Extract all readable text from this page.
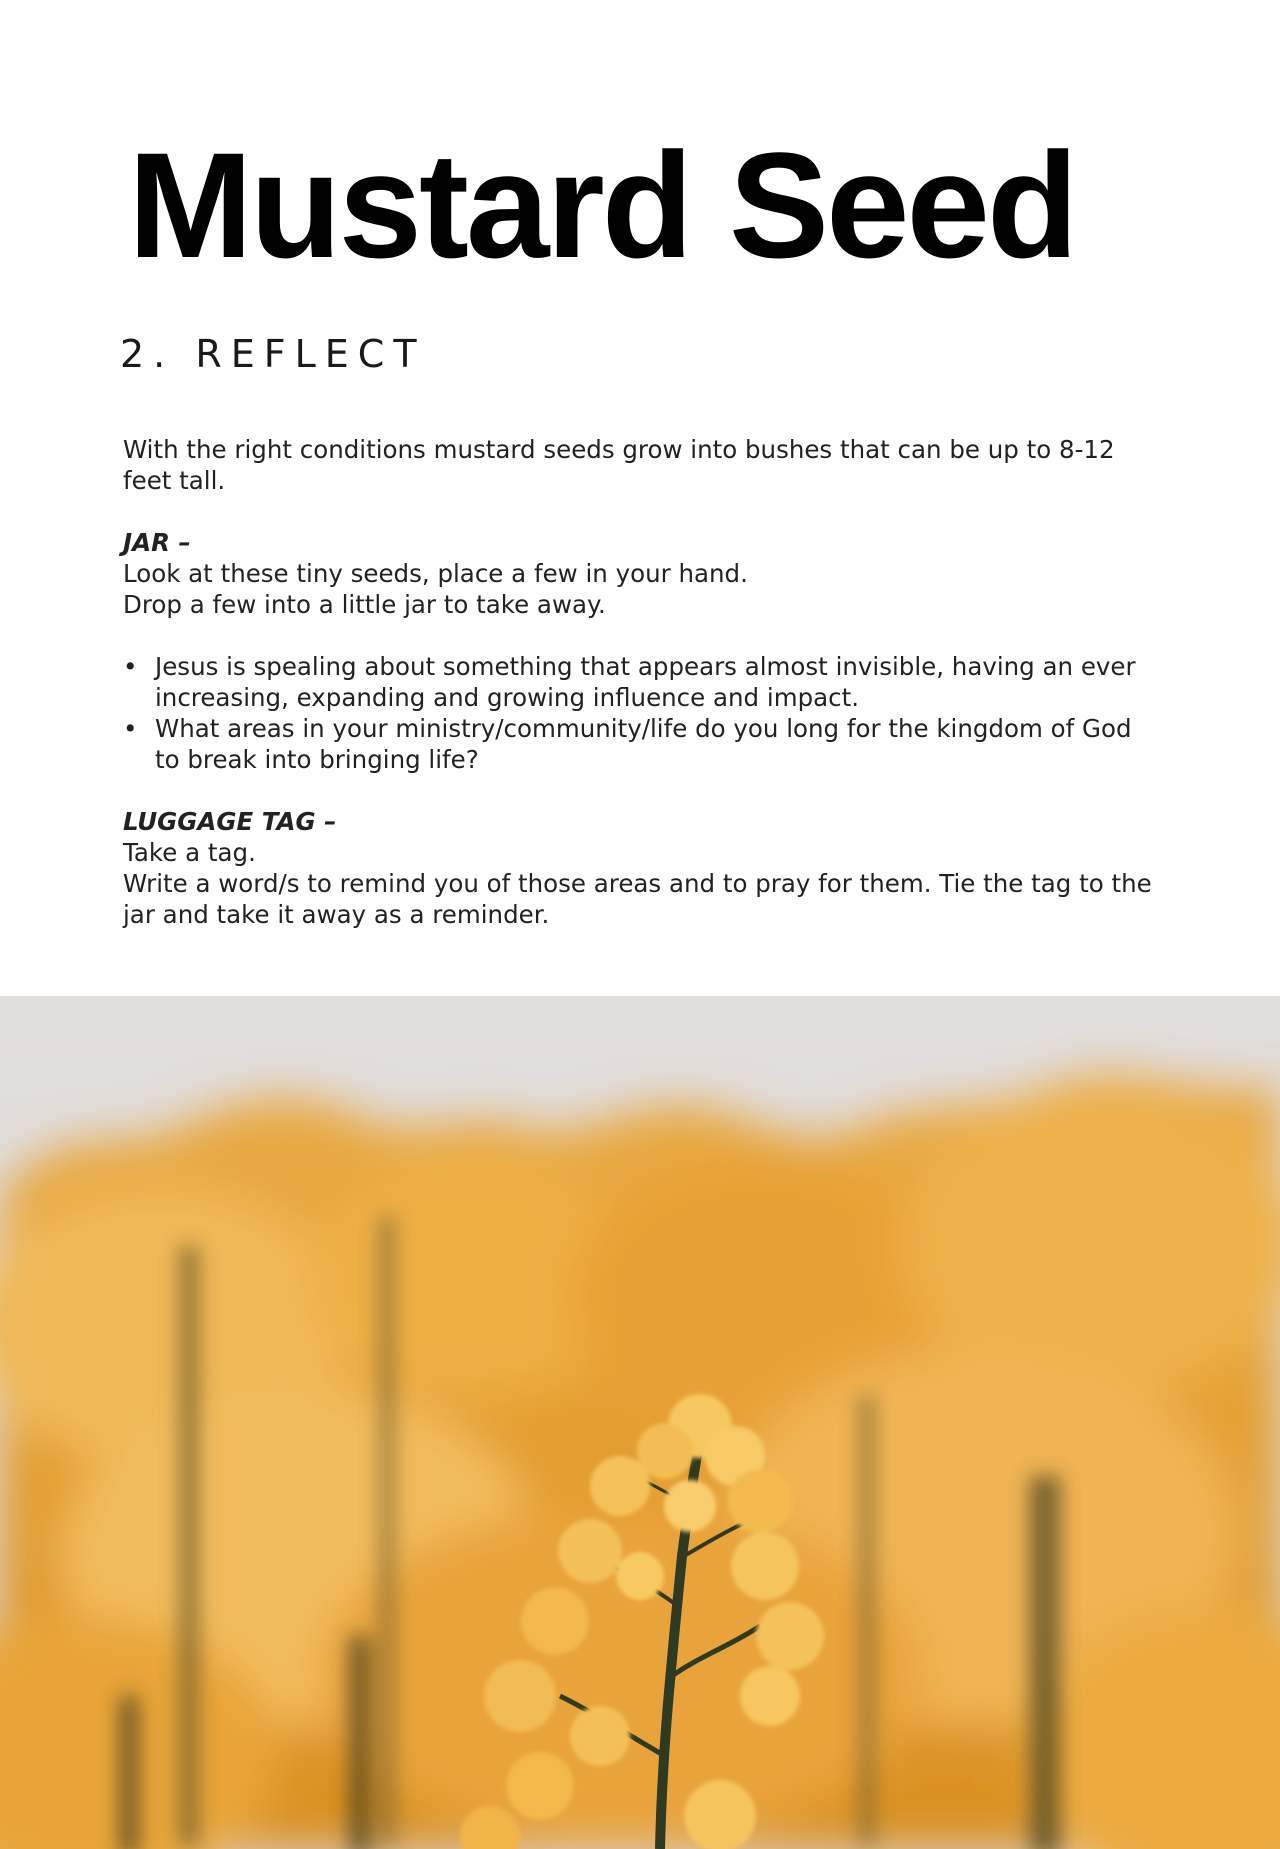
Mustard Seed
2. REFLECT

With the right conditions mustard seeds grow into bushes that can be up to 8-12 feet tall.

JAR –

Look at these tiny seeds, place a few in your hand.

Drop a few into a little jar to take away.

• Jesus is spealing about something that appears almost invisible, having an ever increasing, expanding and growing influence and impact.
• What areas in your ministry/community/life do you long for the kingdom of God to break into bringing life?

LUGGAGE TAG –

Take a tag.

Write a word/s to remind you of those areas and to pray for them. Tie the tag to the jar and take it away as a reminder.
